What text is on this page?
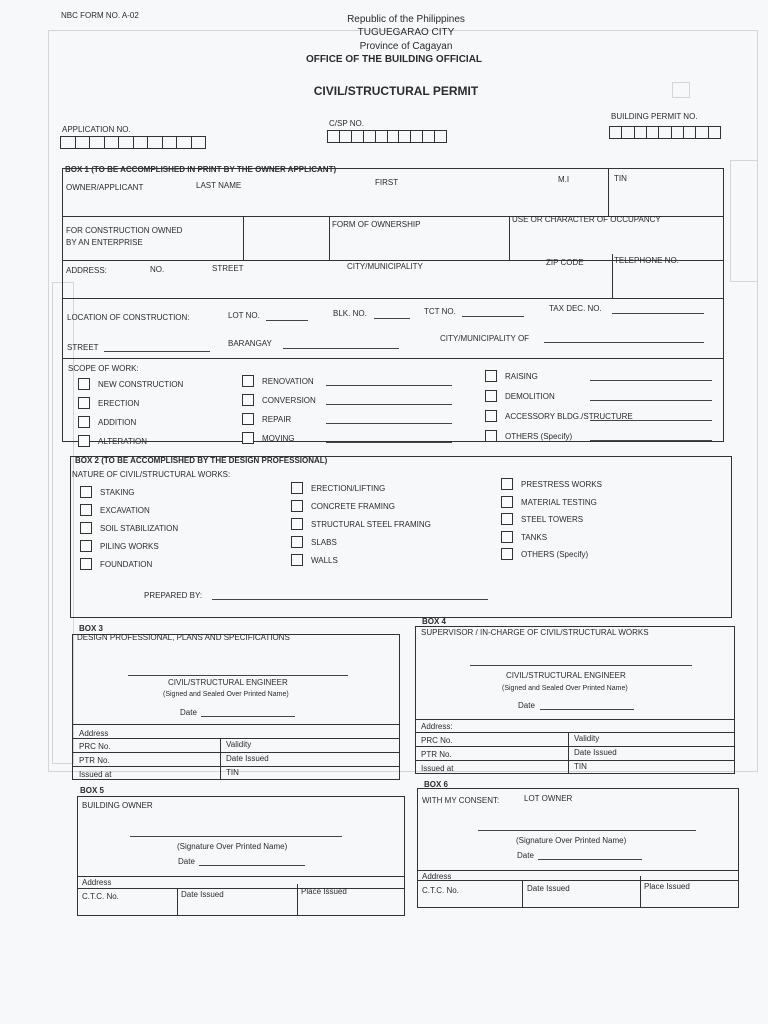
NBC FORM NO. A-02	Republic of the Philippines
TUGUEGARAO CITY
Province of Cagayan
OFFICE OF THE BUILDING OFFICIAL
CIVIL/STRUCTURAL PERMIT
APPLICATION NO.
C/SP NO.
BUILDING PERMIT NO.
BOX 1 (TO BE ACCOMPLISHED IN PRINT BY THE OWNER APPLICANT)
OWNER/APPLICANT	LAST NAME	FIRST	M.I	TIN
FOR CONSTRUCTION OWNED
BY AN ENTERPRISE
FORM OF OWNERSHIP
USE OR CHARACTER OF OCCUPANCY
ADDRESS:	NO.	STREET	CITY/MUNICIPALITY	ZIP CODE	TELEPHONE NO.
LOCATION OF CONSTRUCTION:	LOT NO.	BLK. NO.	TCT NO.	TAX DEC. NO.
STREET	BARANGAY
CITY/MUNICIPALITY OF
SCOPE OF WORK:
NEW CONSTRUCTION
ERECTION
ADDITION
ALTERATION
RENOVATION
CONVERSION
REPAIR
MOVING
RAISING
DEMOLITION
ACCESSORY BLDG./STRUCTURE
OTHERS (Specify)
BOX 2 (TO BE ACCOMPLISHED BY THE DESIGN PROFESSIONAL)
NATURE OF CIVIL/STRUCTURAL WORKS:
STAKING
EXCAVATION
SOIL STABILIZATION
PILING WORKS
FOUNDATION
ERECTION/LIFTING
CONCRETE FRAMING
STRUCTURAL STEEL FRAMING
SLABS
WALLS
PRESTRESS WORKS
MATERIAL TESTING
STEEL TOWERS
TANKS
OTHERS (Specify)
PREPARED BY:
BOX 3
DESIGN PROFESSIONAL, PLANS AND SPECIFICATIONS
CIVIL/STRUCTURAL ENGINEER
(Signed and Sealed Over Printed Name)
Date
Address
PRC No.	Validity
PTR No.	Date Issued
Issued at	TIN
BOX 4
SUPERVISOR / IN-CHARGE OF CIVIL/STRUCTURAL WORKS
CIVIL/STRUCTURAL ENGINEER
(Signed and Sealed Over Printed Name)
Date
Address:
PRC No.	Validity
PTR No.	Date Issued
Issued at	TIN
BOX 5
BUILDING OWNER
(Signature Over Printed Name)
Date
Address
C.T.C. No.	Date Issued	Place Issued
BOX 6
WITH MY CONSENT:	LOT OWNER
(Signature Over Printed Name)
Date
Address
C.T.C. No.	Date Issued	Place Issued
